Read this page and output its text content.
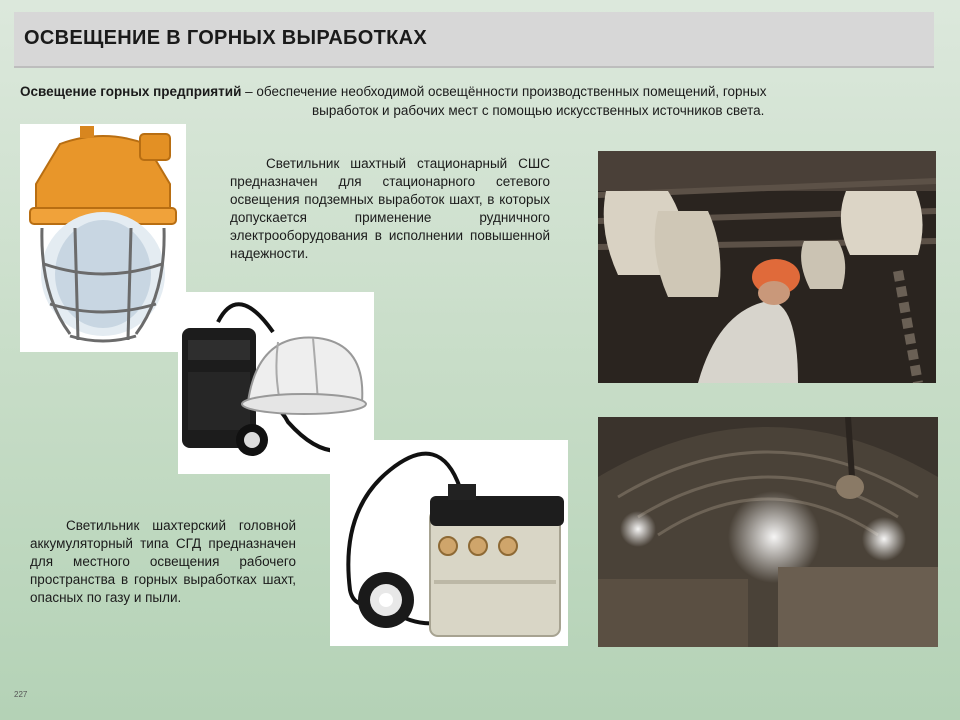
ОСВЕЩЕНИЕ В ГОРНЫХ ВЫРАБОТКАХ
Освещение горных предприятий – обеспечение необходимой освещённости производственных помещений, горных
выработок и рабочих мест с помощью искусственных источников света.
Светильник шахтный стационарный СШС предназначен для стационарного сетевого освещения подземных выработок шахт, в которых допускается применение рудничного электрооборудования в исполнении повышенной надежности.
Светильник шахтерский головной аккумуляторный типа СГД предназначен для местного освещения рабочего пространства в горных выработках шахт, опасных по газу и пыли.
227
